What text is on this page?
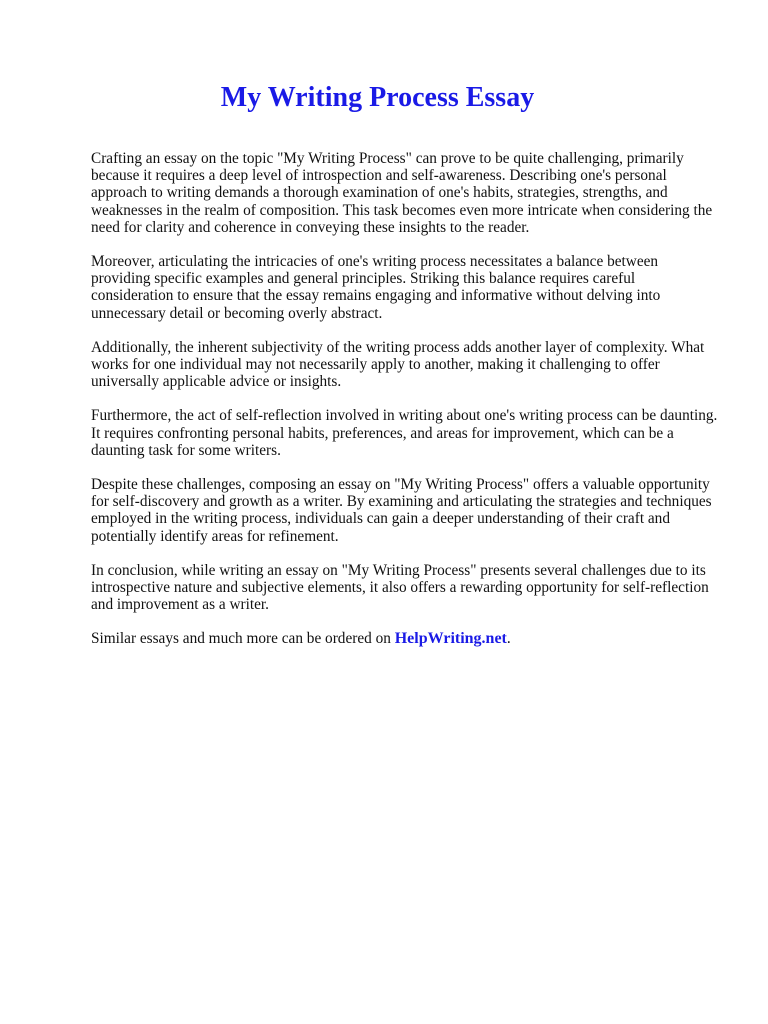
My Writing Process Essay

Crafting an essay on the topic "My Writing Process" can prove to be quite challenging, primarily because it requires a deep level of introspection and self-awareness. Describing one's personal approach to writing demands a thorough examination of one's habits, strategies, strengths, and weaknesses in the realm of composition. This task becomes even more intricate when considering the need for clarity and coherence in conveying these insights to the reader.

Moreover, articulating the intricacies of one's writing process necessitates a balance between providing specific examples and general principles. Striking this balance requires careful consideration to ensure that the essay remains engaging and informative without delving into unnecessary detail or becoming overly abstract.

Additionally, the inherent subjectivity of the writing process adds another layer of complexity. What works for one individual may not necessarily apply to another, making it challenging to offer universally applicable advice or insights.

Furthermore, the act of self-reflection involved in writing about one's writing process can be daunting. It requires confronting personal habits, preferences, and areas for improvement, which can be a daunting task for some writers.

Despite these challenges, composing an essay on "My Writing Process" offers a valuable opportunity for self-discovery and growth as a writer. By examining and articulating the strategies and techniques employed in the writing process, individuals can gain a deeper understanding of their craft and potentially identify areas for refinement.

In conclusion, while writing an essay on "My Writing Process" presents several challenges due to its introspective nature and subjective elements, it also offers a rewarding opportunity for self-reflection and improvement as a writer.

Similar essays and much more can be ordered on HelpWriting.net.
